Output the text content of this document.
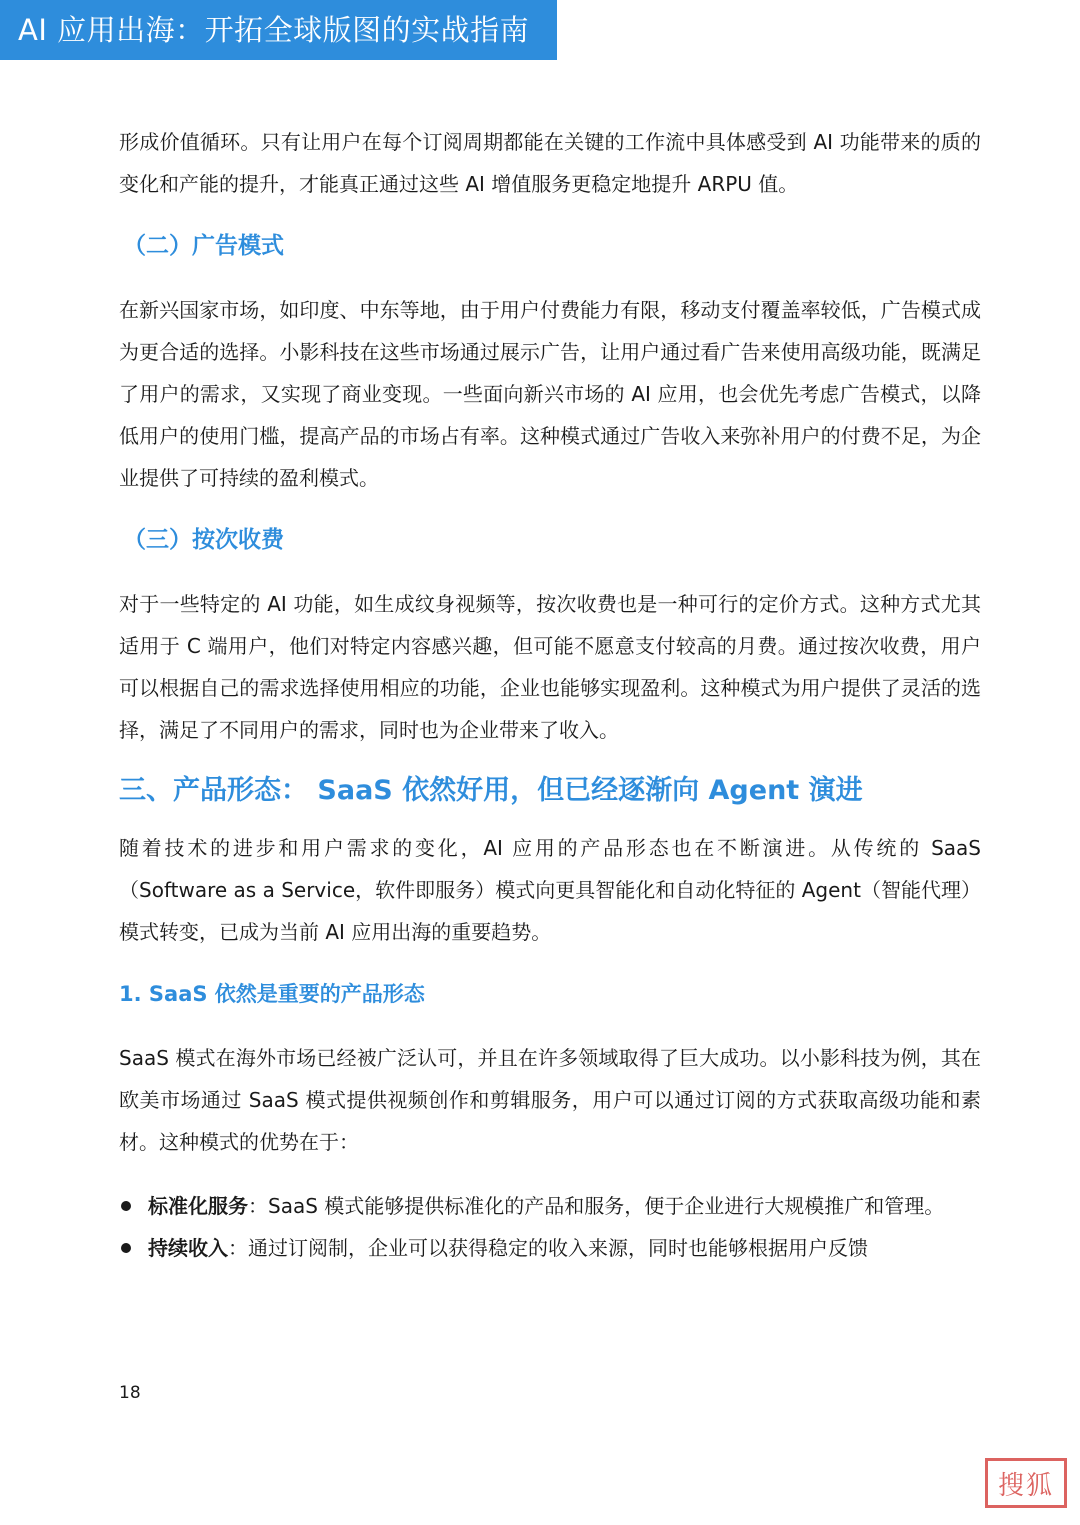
AI 应用出海：开拓全球版图的实战指南

形成价值循环。只有让用户在每个订阅周期都能在关键的工作流中具体感受到 AI 功能带来的质的变化和产能的提升，才能真正通过这些 AI 增值服务更稳定地提升 ARPU 值。

（二）广告模式

在新兴国家市场，如印度、中东等地，由于用户付费能力有限，移动支付覆盖率较低，广告模式成为更合适的选择。小影科技在这些市场通过展示广告，让用户通过看广告来使用高级功能，既满足了用户的需求，又实现了商业变现。一些面向新兴市场的 AI 应用，也会优先考虑广告模式，以降低用户的使用门槛，提高产品的市场占有率。这种模式通过广告收入来弥补用户的付费不足，为企业提供了可持续的盈利模式。

（三）按次收费

对于一些特定的 AI 功能，如生成纹身视频等，按次收费也是一种可行的定价方式。这种方式尤其适用于 C 端用户，他们对特定内容感兴趣，但可能不愿意支付较高的月费。通过按次收费，用户可以根据自己的需求选择使用相应的功能，企业也能够实现盈利。这种模式为用户提供了灵活的选择，满足了不同用户的需求，同时也为企业带来了收入。

三、产品形态： SaaS 依然好用，但已经逐渐向 Agent 演进

随着技术的进步和用户需求的变化，AI 应用的产品形态也在不断演进。从传统的 SaaS（Software as a Service，软件即服务）模式向更具智能化和自动化特征的 Agent（智能代理）模式转变，已成为当前 AI 应用出海的重要趋势。

1. SaaS 依然是重要的产品形态

SaaS 模式在海外市场已经被广泛认可，并且在许多领域取得了巨大成功。以小影科技为例，其在欧美市场通过 SaaS 模式提供视频创作和剪辑服务，用户可以通过订阅的方式获取高级功能和素材。这种模式的优势在于：

标准化服务：SaaS 模式能够提供标准化的产品和服务，便于企业进行大规模推广和管理。
持续收入：通过订阅制，企业可以获得稳定的收入来源，同时也能够根据用户反馈
18
搜狐
